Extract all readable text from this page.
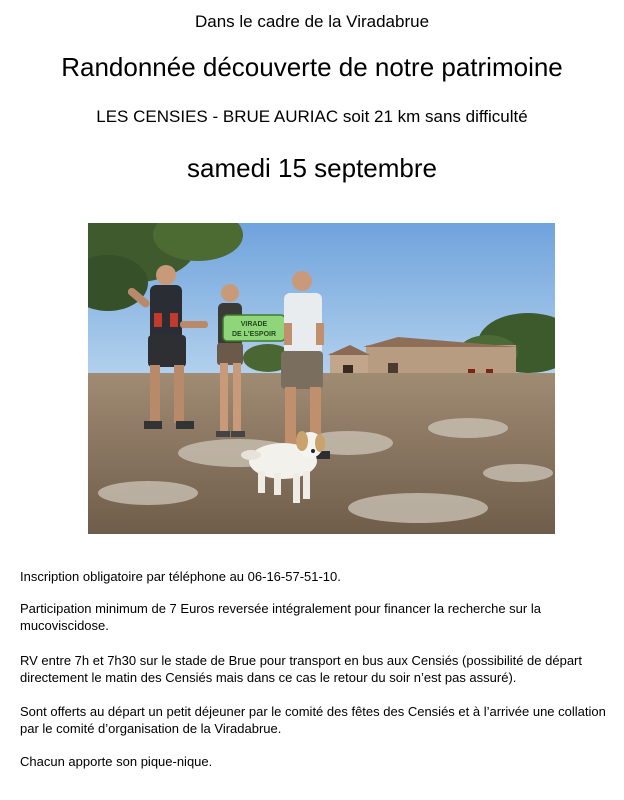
Dans le cadre de la Viradabrue
Randonnée découverte de notre patrimoine
LES CENSIES - BRUE AURIAC soit 21 km sans difficulté
samedi 15 septembre
VIRADE
DE L'ESPOIR
Inscription obligatoire par téléphone au 06-16-57-51-10.
Participation minimum de 7 Euros reversée intégralement pour financer la recherche sur la mucoviscidose.
RV entre 7h et 7h30 sur le stade de Brue pour transport en bus aux Censiés (possibilité de départ directement le matin des Censiés mais dans ce cas le retour du soir n’est pas assuré).
Sont offerts au départ un petit déjeuner par le comité des fêtes des Censiés et à l’arrivée une collation par le comité d’organisation de la Viradabrue.
Chacun apporte son pique-nique.
